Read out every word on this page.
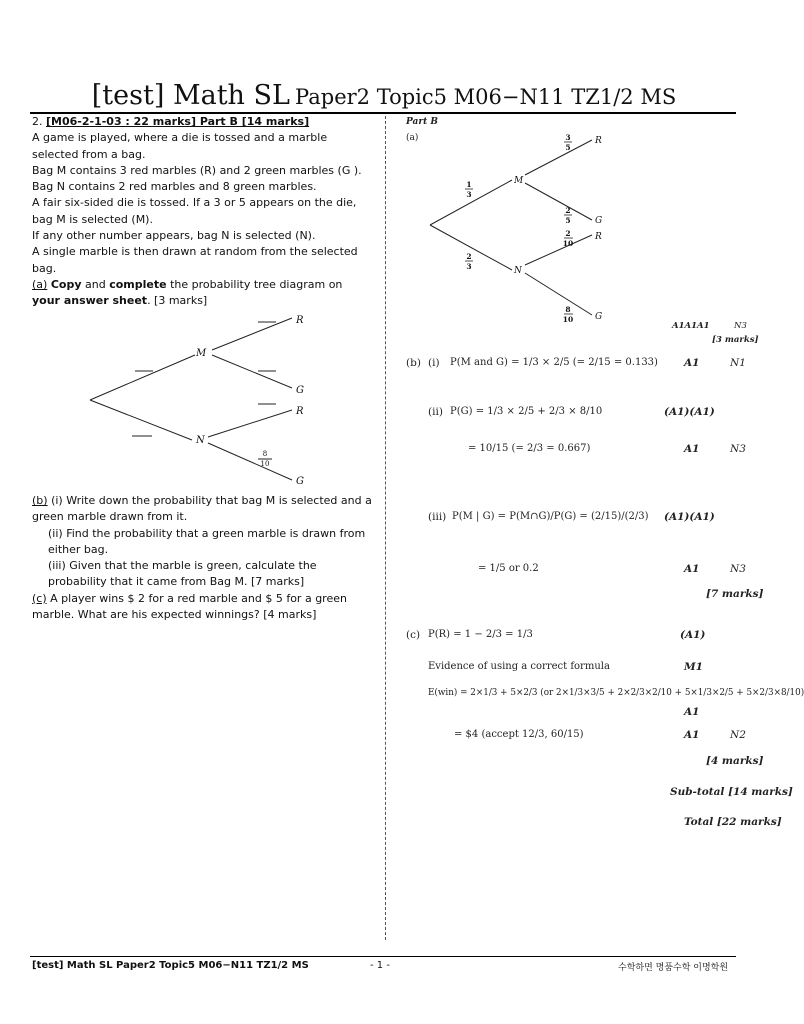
[test] Math SL Paper2 Topic5 M06−N11 TZ1/2 MS

2. [M06-2-1-03 : 22 marks] Part B [14 marks]

A game is played, where a die is tossed and a marble selected from a bag.

Bag M contains 3 red marbles (R) and 2 green marbles (G ).

Bag N contains 2 red marbles and 8 green marbles.

A fair six-sided die is tossed. If a 3 or 5 appears on the die, bag M is selected (M).

If any other number appears, bag N is selected (N).

A single marble is then drawn at random from the selected bag.

(a) Copy and complete the probability tree diagram on your answer sheet. [3 marks]

M
N
R
G
R
G
8
10

(b) (i) Write down the probability that bag M is selected and a green marble drawn from it.

(ii) Find the probability that a green marble is drawn from either bag.

(iii) Given that the marble is green, calculate the probability that it came from Bag M. [7 marks]

(c) A player wins $ 2 for a red marble and $ 5 for a green marble. What are his expected winnings? [4 marks]

Part B
(a)
1
3
2
3
3
5
2
5
2
10
8
10
M
N
R
G
R
G
A1A1A1	N3
[3 marks]
(b) (i) P(M and G) = 1/3 × 2/5 (= 2/15 = 0.133) A1	N1
(ii) P(G) = 1/3 × 2/5 + 2/3 × 8/10	(A1)(A1)
= 10/15 (= 2/3 = 0.667)	A1	N3
(iii) P(M | G) = P(M∩G)/P(G) = (2/15)/(2/3) (A1)(A1)
= 1/5 or 0.2	A1	N3
[7 marks]
(c) P(R) = 1 − 2/3 = 1/3	(A1)
Evidence of using a correct formula	M1
E(win) = 2×1/3 + 5×2/3 (or 2×1/3×3/5 + 2×2/3×2/10 + 5×1/3×2/5 + 5×2/3×8/10)
A1
= $4 (accept 12/3, 60/15)	A1	N2
[4 marks]
Sub-total [14 marks]
Total [22 marks]
[test] Math SL Paper2 Topic5 M06−N11 TZ1/2 MS	- 1 -	수학하면 명품수학 이명학원
